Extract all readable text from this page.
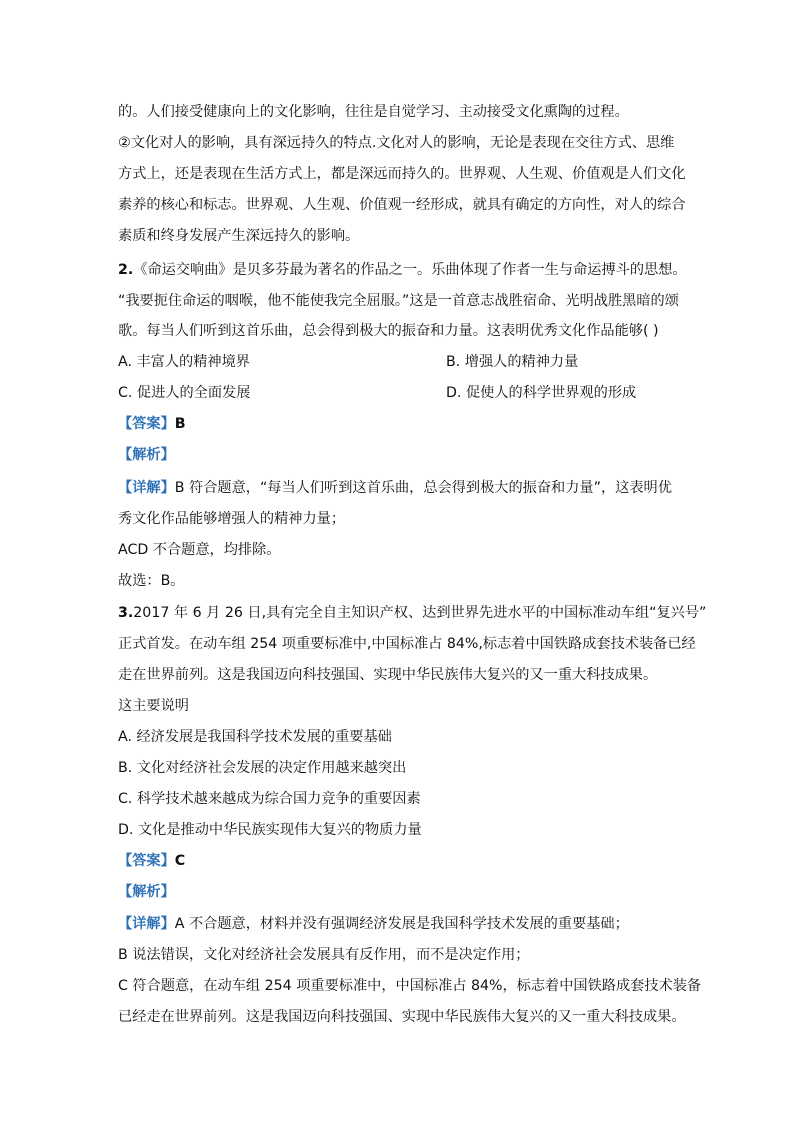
的。人们接受健康向上的文化影响，往往是自觉学习、主动接受文化熏陶的过程。
②文化对人的影响，具有深远持久的特点.文化对人的影响，无论是表现在交往方式、思维
方式上，还是表现在生活方式上，都是深远而持久的。世界观、人生观、价值观是人们文化
素养的核心和标志。世界观、人生观、价值观一经形成，就具有确定的方向性，对人的综合
素质和终身发展产生深远持久的影响。
2.《命运交响曲》是贝多芬最为著名的作品之一。乐曲体现了作者一生与命运搏斗的思想。
“我要扼住命运的咽喉，他不能使我完全屈服。”这是一首意志战胜宿命、光明战胜黑暗的颂
歌。每当人们听到这首乐曲，总会得到极大的振奋和力量。这表明优秀文化作品能够( )
A. 丰富人的精神境界	B. 增强人的精神力量
C. 促进人的全面发展	D. 促使人的科学世界观的形成
【答案】B
【解析】
【详解】B 符合题意，“每当人们听到这首乐曲，总会得到极大的振奋和力量”，这表明优
秀文化作品能够增强人的精神力量；
ACD 不合题意，均排除。
故选：B。
3.2017 年 6 月 26 日,具有完全自主知识产权、达到世界先进水平的中国标准动车组“复兴号”
正式首发。在动车组 254 项重要标准中,中国标准占 84%,标志着中国铁路成套技术装备已经
走在世界前列。这是我国迈向科技强国、实现中华民族伟大复兴的又一重大科技成果。
这主要说明
A. 经济发展是我国科学技术发展的重要基础
B. 文化对经济社会发展的决定作用越来越突出
C. 科学技术越来越成为综合国力竞争的重要因素
D. 文化是推动中华民族实现伟大复兴的物质力量
【答案】C
【解析】
【详解】A 不合题意，材料并没有强调经济发展是我国科学技术发展的重要基础；
B 说法错误，文化对经济社会发展具有反作用，而不是决定作用；
C 符合题意，在动车组 254 项重要标准中，中国标准占 84%，标志着中国铁路成套技术装备
已经走在世界前列。这是我国迈向科技强国、实现中华民族伟大复兴的又一重大科技成果。
